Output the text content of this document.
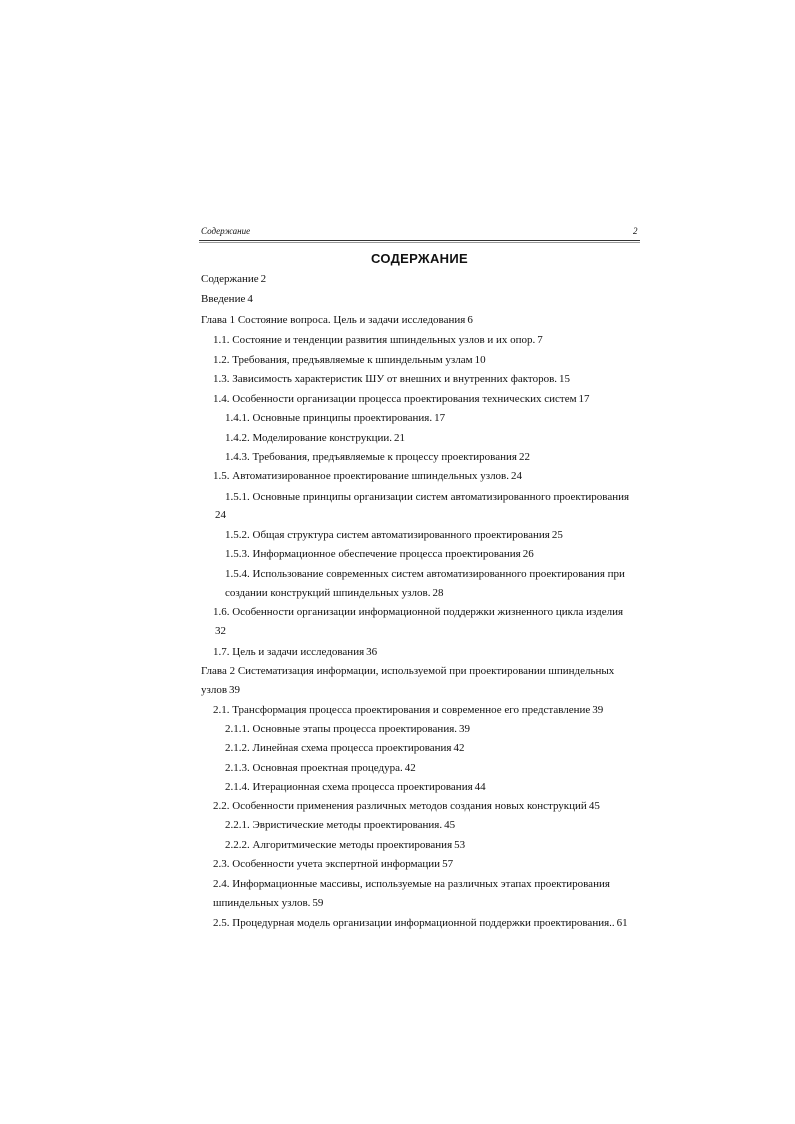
Содержание	2
СОДЕРЖАНИЕ
Содержание 2
Введение 4
Глава 1 Состояние вопроса. Цель и задачи исследования 6
1.1. Состояние и тенденции развития шпиндельных узлов и их опор. 7
1.2. Требования, предъявляемые к шпиндельным узлам 10
1.3. Зависимость характеристик ШУ от внешних и внутренних факторов. 15
1.4. Особенности организации процесса проектирования технических систем 17
1.4.1. Основные принципы проектирования. 17
1.4.2. Моделирование конструкции. 21
1.4.3. Требования, предъявляемые к процессу проектирования 22
1.5. Автоматизированное проектирование шпиндельных узлов. 24
1.5.1. Основные принципы организации систем автоматизированного проектирования
24
1.5.2. Общая структура систем автоматизированного проектирования 25
1.5.3. Информационное обеспечение процесса проектирования 26
1.5.4. Использование современных систем автоматизированного проектирования при
создании конструкций шпиндельных узлов. 28
1.6. Особенности организации информационной поддержки жизненного цикла изделия
32
1.7. Цель и задачи исследования 36
Глава 2 Систематизация информации, используемой при проектировании шпиндельных
узлов 39
2.1. Трансформация процесса проектирования и современное его представление 39
2.1.1. Основные этапы процесса проектирования. 39
2.1.2. Линейная схема процесса проектирования 42
2.1.3. Основная проектная процедура. 42
2.1.4. Итерационная схема процесса проектирования 44
2.2. Особенности применения различных методов создания новых конструкций 45
2.2.1. Эвристические методы проектирования. 45
2.2.2. Алгоритмические методы проектирования 53
2.3. Особенности учета экспертной информации 57
2.4. Информационные массивы, используемые на различных этапах проектирования
шпиндельных узлов. 59
2.5. Процедурная модель организации информационной поддержки проектирования.. 61
